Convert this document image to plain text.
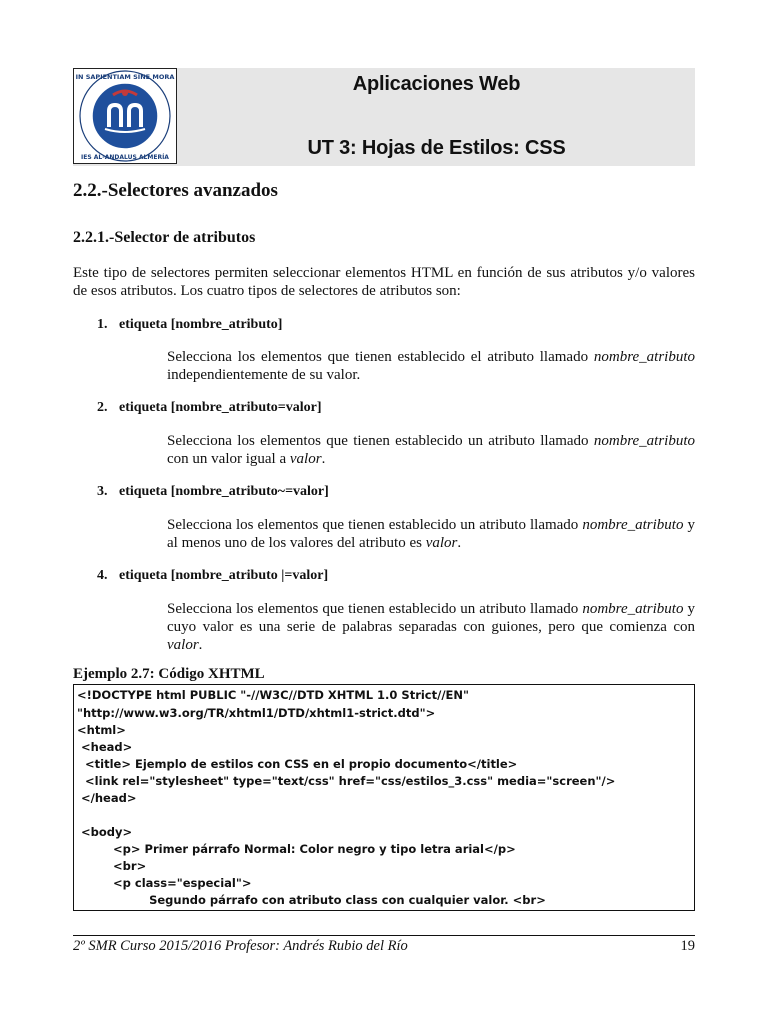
IN SAPIENTIAM SINE MORA
IES AL-ANDALUS ALMERÍA
Aplicaciones Web
UT 3: Hojas de Estilos: CSS
2.2.-Selectores avanzados
2.2.1.-Selector de atributos
Este tipo de selectores permiten seleccionar elementos HTML en función de sus atributos y/o valores de esos atributos. Los cuatro tipos de selectores de atributos son:
1. etiqueta [nombre_atributo]
Selecciona los elementos que tienen establecido el atributo llamado nombre_atributo independientemente de su valor.
2. etiqueta [nombre_atributo=valor]
Selecciona los elementos que tienen establecido un atributo llamado nombre_atributo con un valor igual a valor.
3. etiqueta [nombre_atributo~=valor]
Selecciona los elementos que tienen establecido un atributo llamado nombre_atributo y al menos uno de los valores del atributo es valor.
4. etiqueta [nombre_atributo |=valor]
Selecciona los elementos que tienen establecido un atributo llamado nombre_atributo y cuyo valor es una serie de palabras separadas con guiones, pero que comienza con valor.
Ejemplo 2.7: Código XHTML
<!DOCTYPE html PUBLIC "-//W3C//DTD XHTML 1.0 Strict//EN"
"http://www.w3.org/TR/xhtml1/DTD/xhtml1-strict.dtd">
<html>
<head>
<title> Ejemplo de estilos con CSS en el propio documento</title>
<link rel="stylesheet" type="text/css" href="css/estilos_3.css" media="screen"/>
</head>
<body>
<p> Primer párrafo Normal: Color negro y tipo letra arial</p>
<br>
<p class="especial">
Segundo párrafo con atributo class con cualquier valor. <br>
2º SMR Curso 2015/2016 Profesor: Andrés Rubio del Río	19
